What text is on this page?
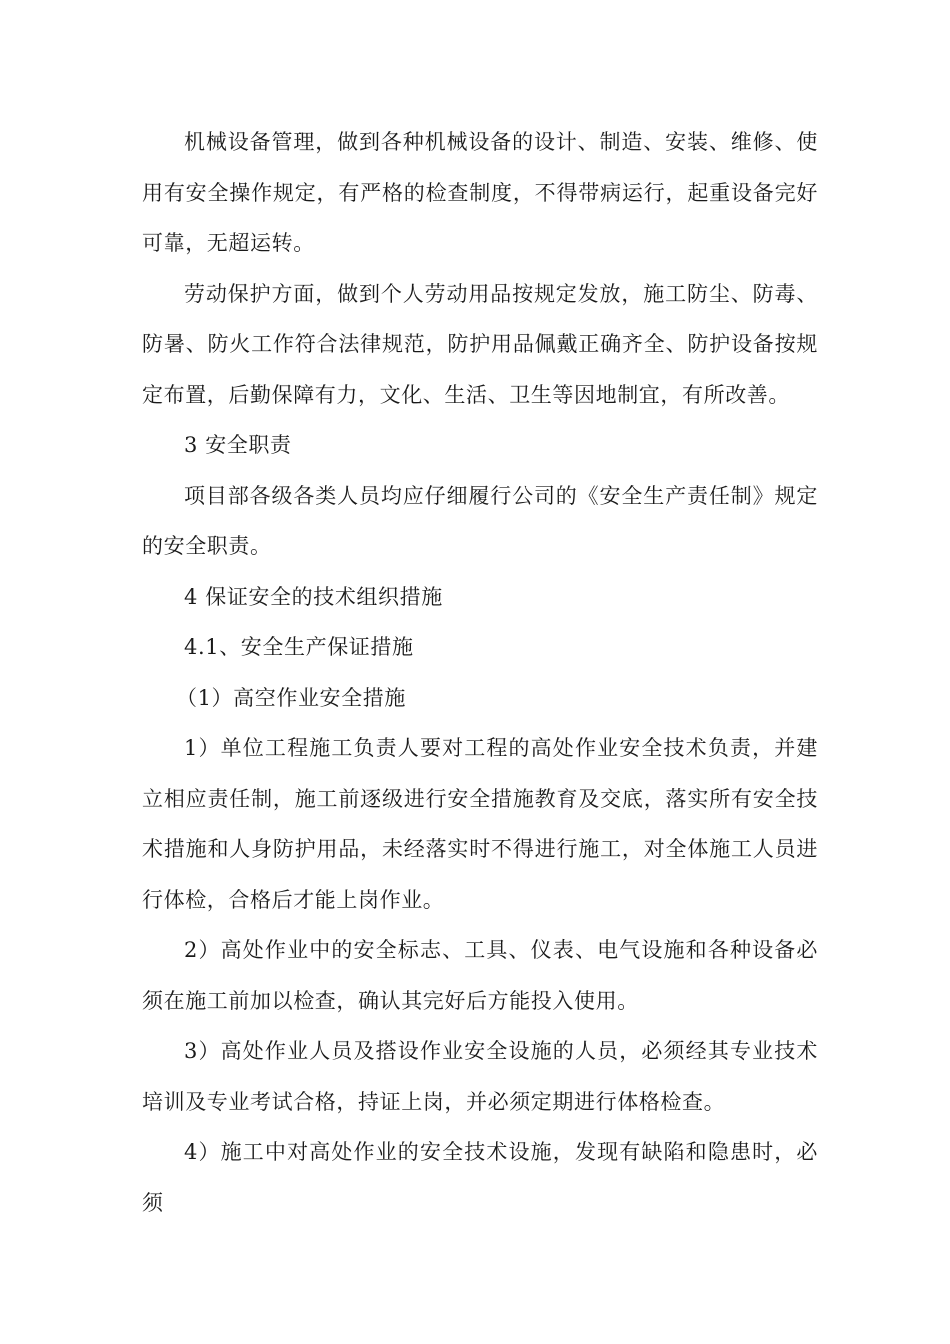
机械设备管理，做到各种机械设备的设计、制造、安装、维修、使用有安全操作规定，有严格的检查制度，不得带病运行，起重设备完好可靠，无超运转。

劳动保护方面，做到个人劳动用品按规定发放，施工防尘、防毒、防暑、防火工作符合法律规范，防护用品佩戴正确齐全、防护设备按规定布置，后勤保障有力，文化、生活、卫生等因地制宜，有所改善。

3 安全职责

项目部各级各类人员均应仔细履行公司的《安全生产责任制》规定的安全职责。

4 保证安全的技术组织措施

4.1、安全生产保证措施

（1）高空作业安全措施

1）单位工程施工负责人要对工程的高处作业安全技术负责，并建立相应责任制，施工前逐级进行安全措施教育及交底，落实所有安全技术措施和人身防护用品，未经落实时不得进行施工，对全体施工人员进行体检，合格后才能上岗作业。

2）高处作业中的安全标志、工具、仪表、电气设施和各种设备必须在施工前加以检查，确认其完好后方能投入使用。

3）高处作业人员及搭设作业安全设施的人员，必须经其专业技术培训及专业考试合格，持证上岗，并必须定期进行体格检查。

4）施工中对高处作业的安全技术设施，发现有缺陷和隐患时，必须
